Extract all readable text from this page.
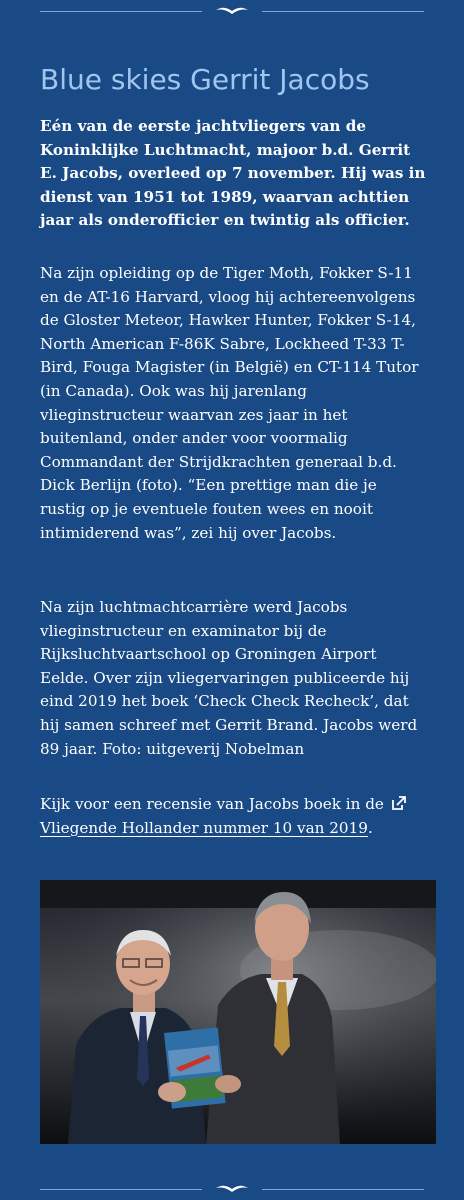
Blue skies Gerrit Jacobs

Eén van de eerste jachtvliegers van de Koninklijke Luchtmacht, majoor b.d. Gerrit E. Jacobs, overleed op 7 november. Hij was in dienst van 1951 tot 1989, waarvan achttien jaar als onderofficier en twintig als officier.

Na zijn opleiding op de Tiger Moth, Fokker S-11 en de AT-16 Harvard, vloog hij achtereenvolgens de Gloster Meteor, Hawker Hunter, Fokker S-14, North American F-86K Sabre, Lockheed T-33 T-Bird, Fouga Magister (in België) en CT-114 Tutor (in Canada). Ook was hij jarenlang vlieginstructeur waarvan zes jaar in het buitenland, onder ander voor voormalig Commandant der Strijdkrachten generaal b.d. Dick Berlijn (foto). “Een prettige man die je rustig op je eventuele fouten wees en nooit intimiderend was”, zei hij over Jacobs.

Na zijn luchtmachtcarrière werd Jacobs vlieginstructeur en examinator bij de Rijksluchtvaartschool op Groningen Airport Eelde. Over zijn vliegervaringen publiceerde hij eind 2019 het boek ‘Check Check Recheck’, dat hij samen schreef met Gerrit Brand. Jacobs werd 89 jaar. Foto: uitgeverij Nobelman

Kijk voor een recensie van Jacobs boek in de Vliegende Hollander nummer 10 van 2019.
